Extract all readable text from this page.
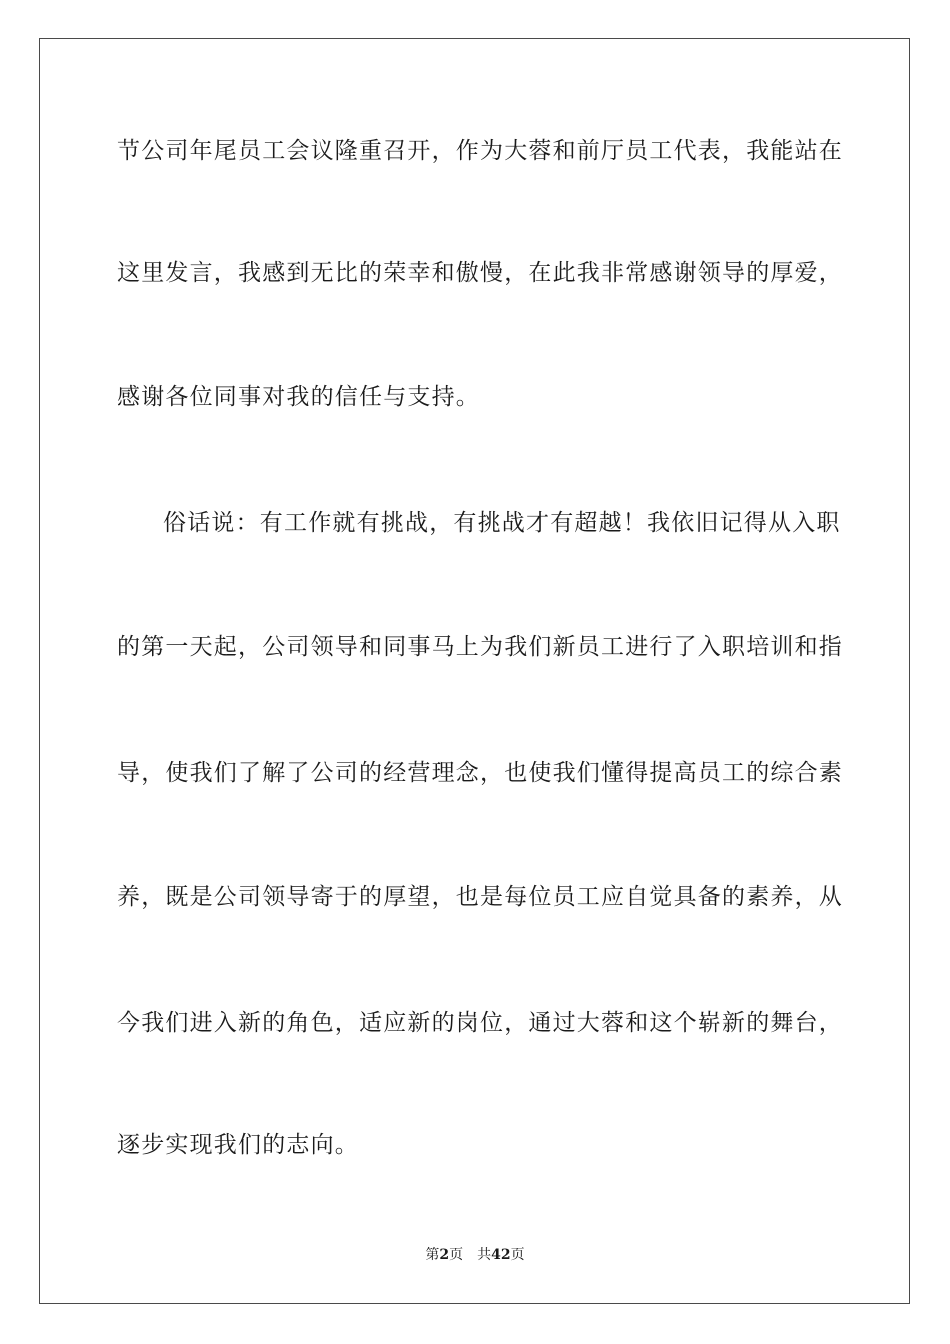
节公司年尾员工会议隆重召开，作为大蓉和前厅员工代表，我能站在
这里发言，我感到无比的荣幸和傲慢，在此我非常感谢领导的厚爱，
感谢各位同事对我的信任与支持。
俗话说：有工作就有挑战，有挑战才有超越！我依旧记得从入职
的第一天起，公司领导和同事马上为我们新员工进行了入职培训和指
导，使我们了解了公司的经营理念，也使我们懂得提高员工的综合素
养，既是公司领导寄于的厚望，也是每位员工应自觉具备的素养，从
今我们进入新的角色，适应新的岗位，通过大蓉和这个崭新的舞台，
逐步实现我们的志向。
第2页 共42页
